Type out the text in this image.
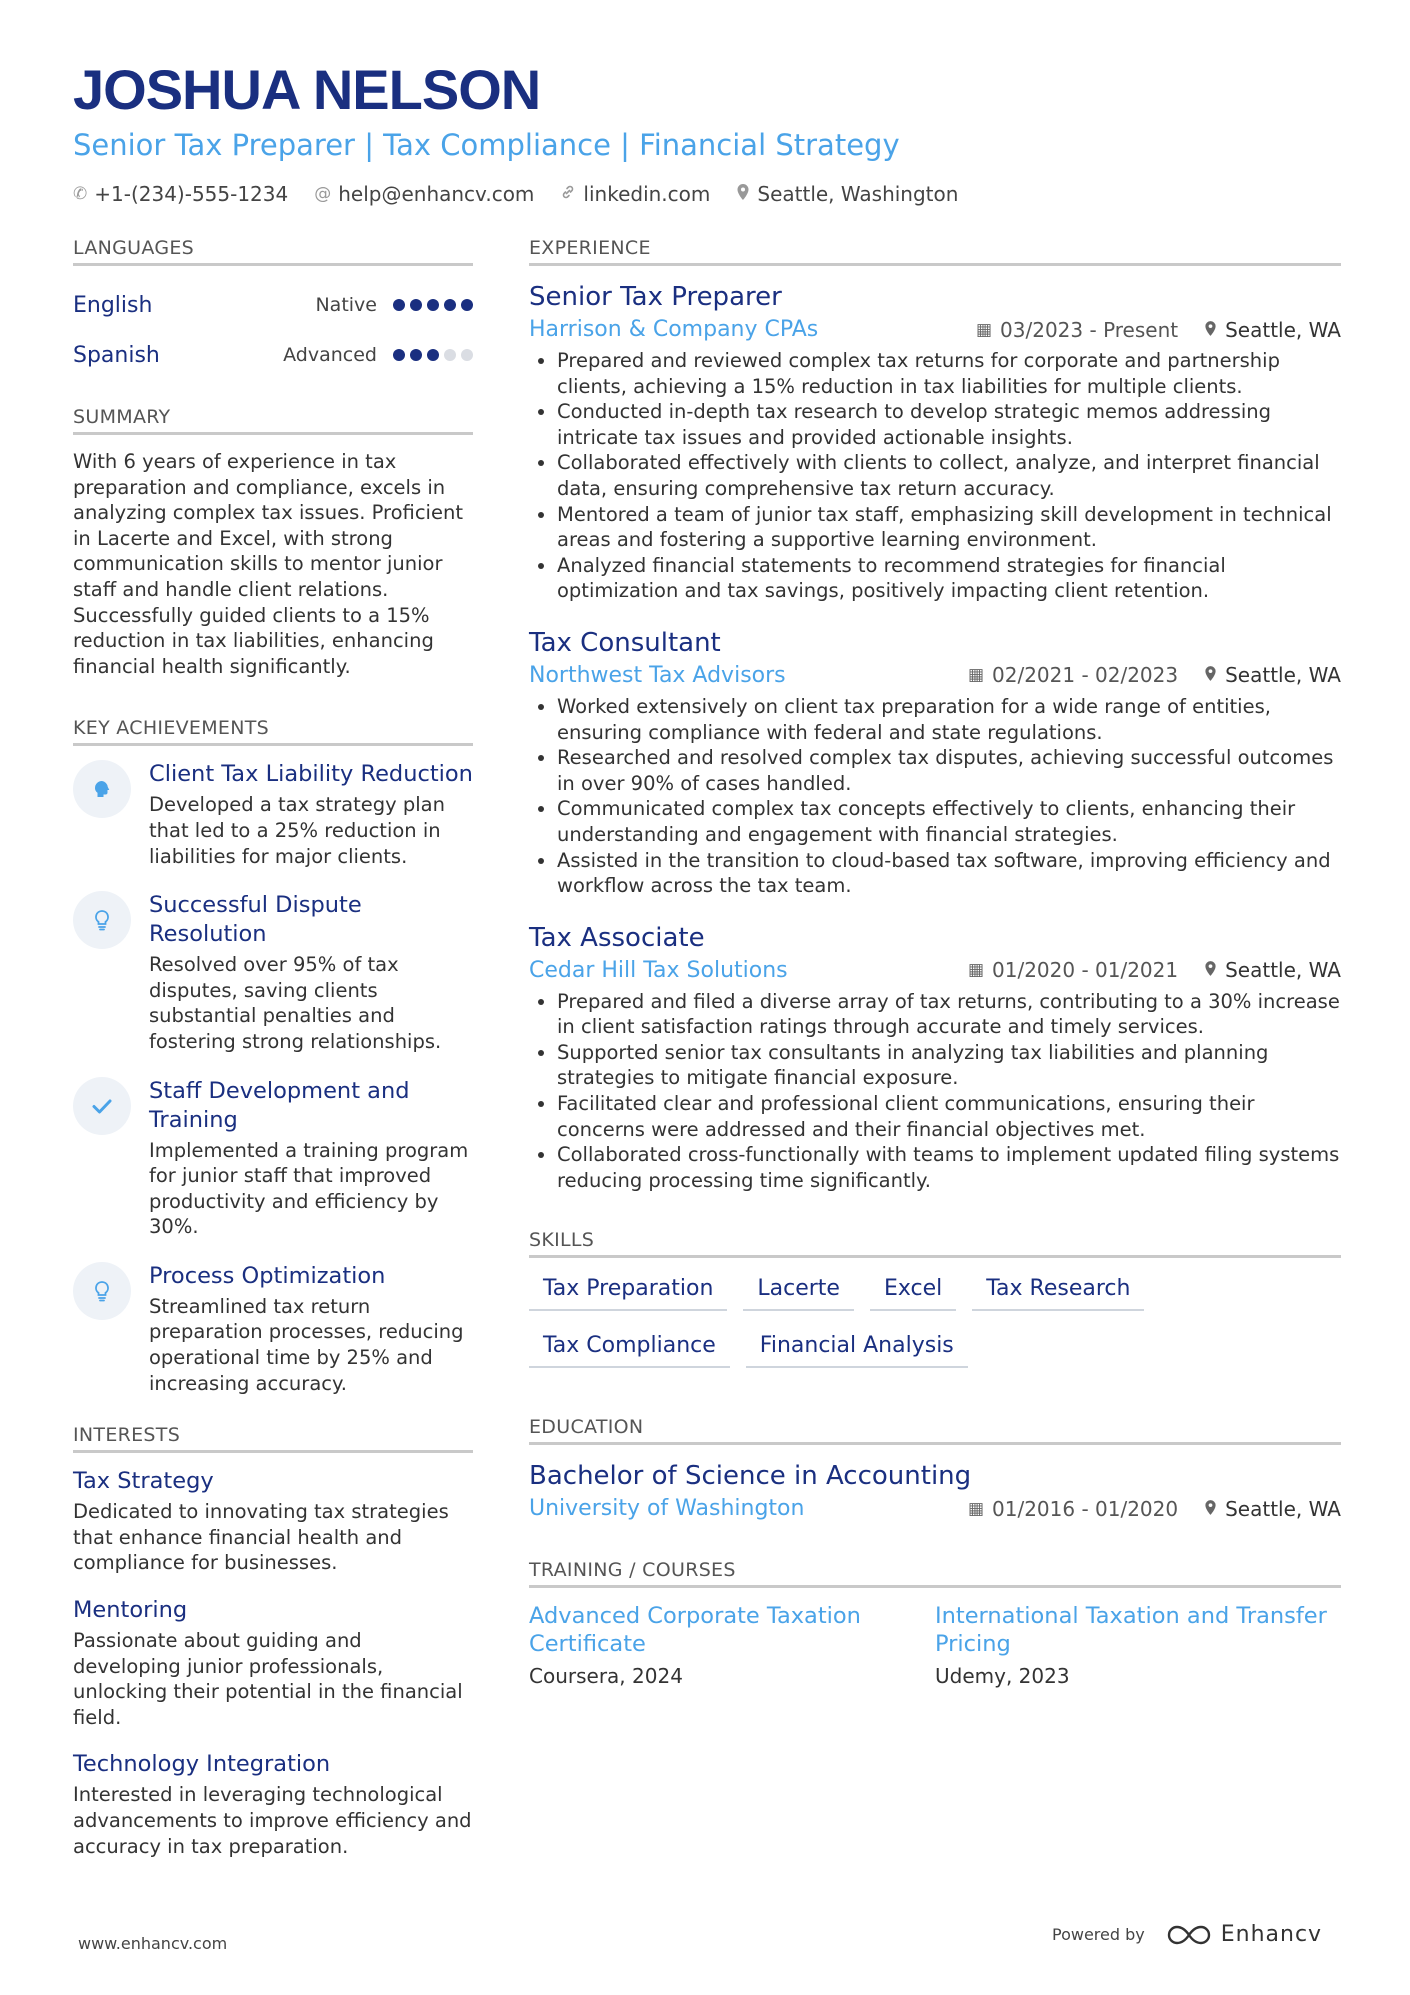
JOSHUA NELSON
Senior Tax Preparer | Tax Compliance | Financial Strategy
✆ +1-(234)-555-1234 @ help@enhancv.com linkedin.com Seattle, Washington
LANGUAGES
English	Native
Spanish	Advanced
SUMMARY
With 6 years of experience in tax preparation and compliance, excels in analyzing complex tax issues. Proficient in Lacerte and Excel, with strong communication skills to mentor junior staff and handle client relations. Successfully guided clients to a 15% reduction in tax liabilities, enhancing financial health significantly.
KEY ACHIEVEMENTS
Client Tax Liability Reduction
Developed a tax strategy plan that led to a 25% reduction in liabilities for major clients.
Successful Dispute Resolution
Resolved over 95% of tax disputes, saving clients substantial penalties and fostering strong relationships.
Staff Development and Training
Implemented a training program for junior staff that improved productivity and efficiency by 30%.
Process Optimization
Streamlined tax return preparation processes, reducing operational time by 25% and increasing accuracy.
INTERESTS
Tax Strategy
Dedicated to innovating tax strategies that enhance financial health and compliance for businesses.
Mentoring
Passionate about guiding and developing junior professionals, unlocking their potential in the financial field.
Technology Integration
Interested in leveraging technological advancements to improve efficiency and accuracy in tax preparation.
EXPERIENCE
Senior Tax Preparer
Harrison & Company CPAs	▦ 03/2023 - Present Seattle, WA
• Prepared and reviewed complex tax returns for corporate and partnership clients, achieving a 15% reduction in tax liabilities for multiple clients.
• Conducted in-depth tax research to develop strategic memos addressing intricate tax issues and provided actionable insights.
• Collaborated effectively with clients to collect, analyze, and interpret financial data, ensuring comprehensive tax return accuracy.
• Mentored a team of junior tax staff, emphasizing skill development in technical areas and fostering a supportive learning environment.
• Analyzed financial statements to recommend strategies for financial optimization and tax savings, positively impacting client retention.
Tax Consultant
Northwest Tax Advisors	▦ 02/2021 - 02/2023 Seattle, WA
• Worked extensively on client tax preparation for a wide range of entities, ensuring compliance with federal and state regulations.
• Researched and resolved complex tax disputes, achieving successful outcomes in over 90% of cases handled.
• Communicated complex tax concepts effectively to clients, enhancing their understanding and engagement with financial strategies.
• Assisted in the transition to cloud-based tax software, improving efficiency and workflow across the tax team.
Tax Associate
Cedar Hill Tax Solutions	▦ 01/2020 - 01/2021 Seattle, WA
• Prepared and filed a diverse array of tax returns, contributing to a 30% increase in client satisfaction ratings through accurate and timely services.
• Supported senior tax consultants in analyzing tax liabilities and planning strategies to mitigate financial exposure.
• Facilitated clear and professional client communications, ensuring their concerns were addressed and their financial objectives met.
• Collaborated cross-functionally with teams to implement updated filing systems reducing processing time significantly.
SKILLS
Tax Preparation	Lacerte	Excel	Tax Research
Tax Compliance	Financial Analysis
EDUCATION
Bachelor of Science in Accounting
University of Washington	▦ 01/2016 - 01/2020 Seattle, WA
TRAINING / COURSES
Advanced Corporate Taxation Certificate
Coursera, 2024
International Taxation and Transfer Pricing
Udemy, 2023
www.enhancv.com	Powered by	Enhancv
